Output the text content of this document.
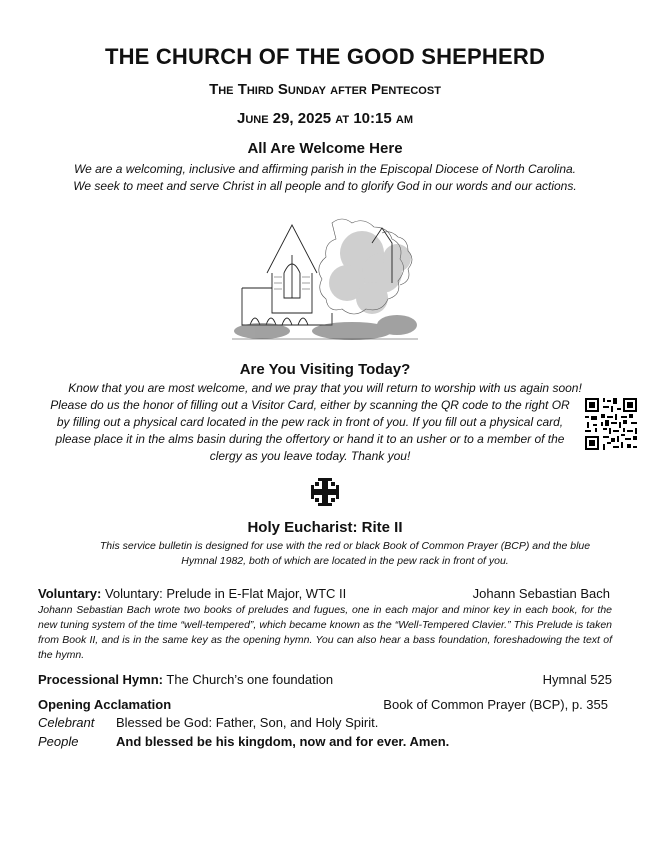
THE CHURCH OF THE GOOD SHEPHERD
The Third Sunday after Pentecost
June 29, 2025 at 10:15 am
All Are Welcome Here
We are a welcoming, inclusive and affirming parish in the Episcopal Diocese of North Carolina.
We seek to meet and serve Christ in all people and to glorify God in our words and our actions.
Are You Visiting Today?
Know that you are most welcome, and we pray that you will return to worship with us again soon!
Please do us the honor of filling out a Visitor Card, either by scanning the QR code to the right OR
by filling out a physical card located in the pew rack in front of you. If you fill out a physical card,
please place it in the alms basin during the offertory or hand it to an usher or to a member of the
clergy as you leave today. Thank you!
Holy Eucharist: Rite II
This service bulletin is designed for use with the red or black Book of Common Prayer (BCP) and the blue
Hymnal 1982, both of which are located in the pew rack in front of you.
Voluntary: Voluntary: Prelude in E-Flat Major, WTC II	Johann Sebastian Bach
Johann Sebastian Bach wrote two books of preludes and fugues, one in each major and minor key in each book, for the new tuning system of the time “well-tempered”, which became known as the “Well-Tempered Clavier.” This Prelude is taken from Book II, and is in the same key as the opening hymn. You can also hear a bass foundation, foreshadowing the text of the hymn.
Processional Hymn: The Church’s one foundation	Hymnal 525
Opening Acclamation	Book of Common Prayer (BCP), p. 355
Celebrant Blessed be God: Father, Son, and Holy Spirit.
People	And blessed be his kingdom, now and for ever. Amen.
